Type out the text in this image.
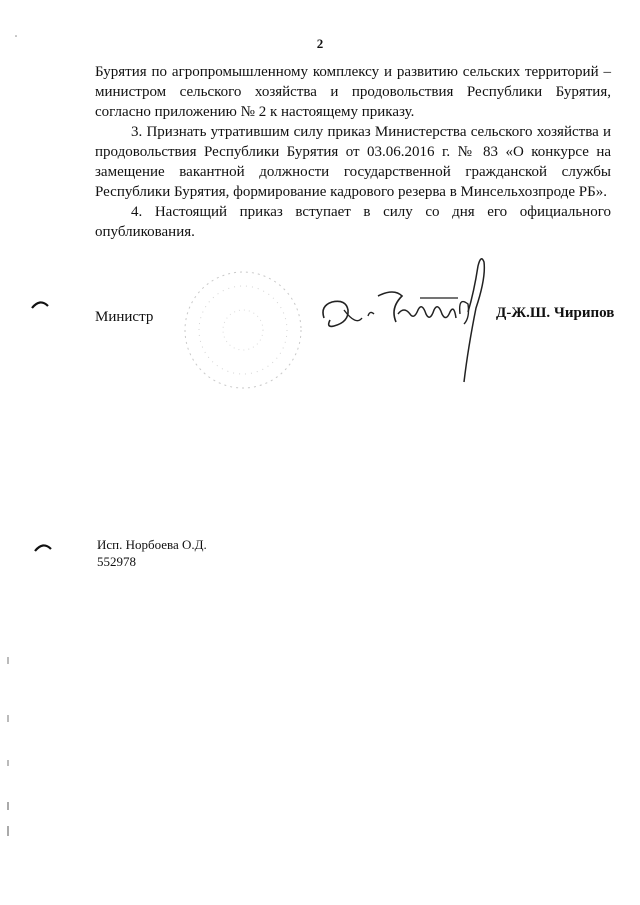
2

Бурятия по агропромышленному комплексу и развитию сельских территорий – министром сельского хозяйства и продовольствия Республики Бурятия, согласно приложению № 2 к настоящему приказу.

3. Признать утратившим силу приказ Министерства сельского хозяйства и продовольствия Республики Бурятия от 03.06.2016 г. № 83 «О конкурсе на замещение вакантной должности государственной гражданской службы Республики Бурятия, формирование кадрового резерва в Минсельхозпроде РБ».

4. Настоящий приказ вступает в силу со дня его официального опубликования.

Министр	Д-Ж.Ш. Чирипов
Исп. Норбоева О.Д.
552978
